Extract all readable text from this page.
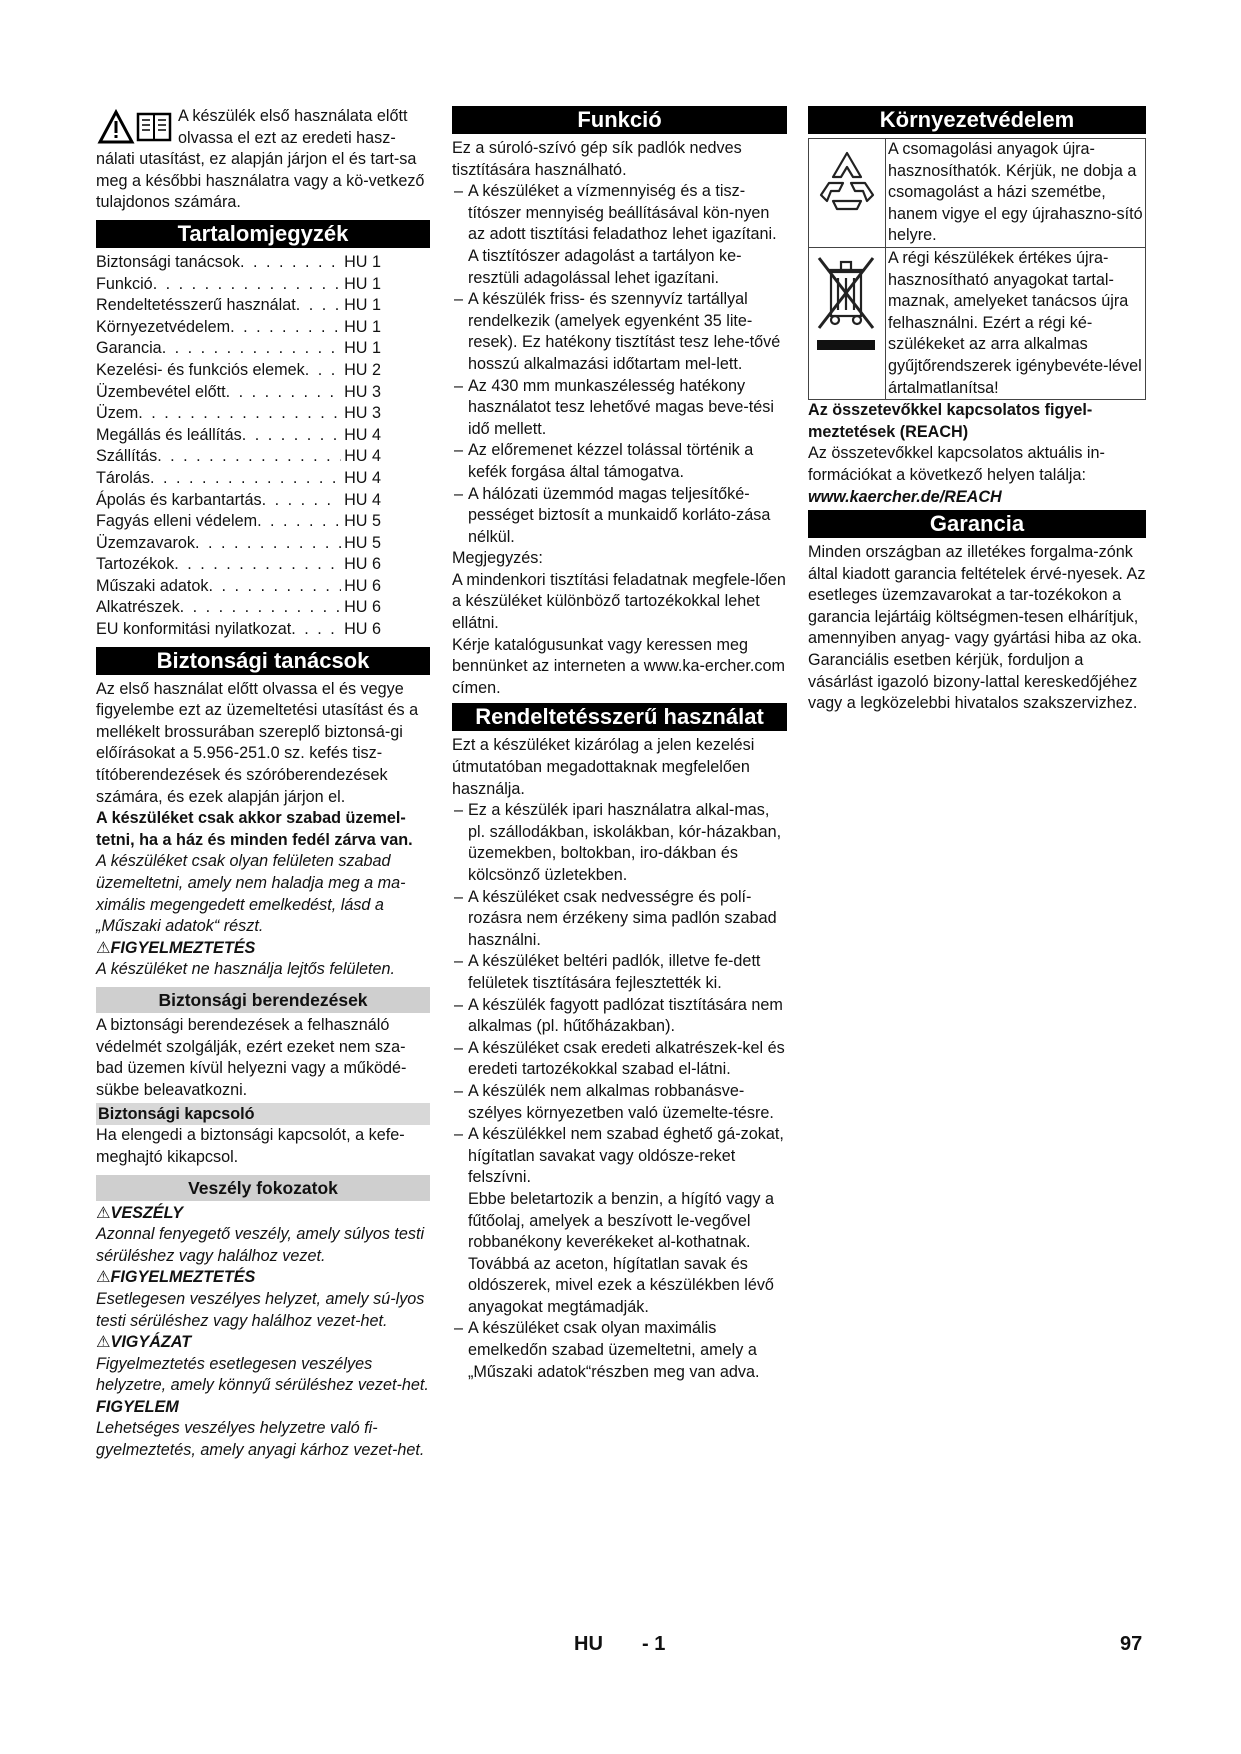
A készülék első használata előtt

olvassa el ezt az eredeti hasz-

nálati utasítást, ez alapján járjon el és tart-sa meg a későbbi használatra vagy a kö-vetkező tulajdonos számára.

Tartalomjegyzék
Biztonsági tanácsok . . .	HU 1
Funkció . . .	HU 1
Rendeltetésszerű használat . . .	HU 1
Környezetvédelem . . .	HU 1
Garancia . . .	HU 1
Kezelési- és funkciós elemek . . . HU 2
Üzembevétel előtt . . .	HU 3
Üzem . . .	HU 3
Megállás és leállítás . . .	HU 4
Szállítás . . .	HU 4
Tárolás . . .	HU 4
Ápolás és karbantartás . . .	HU 4
Fagyás elleni védelem . . .	HU 5
Üzemzavarok . . .	HU 5
Tartozékok . . .	HU 6
Műszaki adatok . . .	HU 6
Alkatrészek . . .	HU 6
EU konformitási nyilatkozat . . .	HU 6
Biztonsági tanácsok

Az első használat előtt olvassa el és vegye figyelembe ezt az üzemeltetési utasítást és a mellékelt brossurában szereplő biztonsá-gi előírásokat a 5.956-251.0 sz. kefés tisz-títóberendezések és szóróberendezések számára, és ezek alapján járjon el.

A készüléket csak akkor szabad üzemel-tetni, ha a ház és minden fedél zárva van.

A készüléket csak olyan felületen szabad üzemeltetni, amely nem haladja meg a ma-ximális megengedett emelkedést, lásd a „Műszaki adatok“ részt.

⚠FIGYELMEZTETÉS

A készüléket ne használja lejtős felületen.

Biztonsági berendezések

A biztonsági berendezések a felhasználó védelmét szolgálják, ezért ezeket nem sza-bad üzemen kívül helyezni vagy a működé-sükbe beleavatkozni.

Biztonsági kapcsoló

Ha elengedi a biztonsági kapcsolót, a kefe-meghajtó kikapcsol.

Veszély fokozatok

⚠VESZÉLY

Azonnal fenyegető veszély, amely súlyos testi sérüléshez vagy halálhoz vezet.

⚠FIGYELMEZTETÉS

Esetlegesen veszélyes helyzet, amely sú-lyos testi sérüléshez vagy halálhoz vezet-het.

⚠VIGYÁZAT

Figyelmeztetés esetlegesen veszélyes helyzetre, amely könnyű sérüléshez vezet-het.

FIGYELEM

Lehetséges veszélyes helyzetre való fi-gyelmeztetés, amely anyagi kárhoz vezet-het.

Funkció

Ez a súroló-szívó gép sík padlók nedves tisztítására használható.

– A készüléket a vízmennyiség és a tisz-títószer mennyiség beállításával kön-nyen az adott tisztítási feladathoz lehet igazítani.
A tisztítószer adagolást a tartályon ke-resztüli adagolással lehet igazítani.
– A készülék friss- és szennyvíz tartállyal rendelkezik (amelyek egyenként 35 lite-resek). Ez hatékony tisztítást tesz lehe-tővé hosszú alkalmazási időtartam mel-lett.
– Az 430 mm munkaszélesség hatékony használatot tesz lehetővé magas beve-tési idő mellett.
– Az előremenet kézzel tolással történik a kefék forgása által támogatva.
– A hálózati üzemmód magas teljesítőké-pességet biztosít a munkaidő korláto-zása nélkül.

Megjegyzés:

A mindenkori tisztítási feladatnak megfele-lően a készüléket különböző tartozékokkal lehet ellátni.

Kérje katalógusunkat vagy keressen meg bennünket az interneten a www.ka-ercher.com címen.

Rendeltetésszerű használat

Ezt a készüléket kizárólag a jelen kezelési útmutatóban megadottaknak megfelelően használja.

– Ez a készülék ipari használatra alkal-mas, pl. szállodákban, iskolákban, kór-házakban, üzemekben, boltokban, iro-dákban és kölcsönző üzletekben.
– A készüléket csak nedvességre és polí-rozásra nem érzékeny sima padlón szabad használni.
– A készüléket beltéri padlók, illetve fe-dett felületek tisztítására fejlesztették ki.
– A készülék fagyott padlózat tisztítására nem alkalmas (pl. hűtőházakban).
– A készüléket csak eredeti alkatrészek-kel és eredeti tartozékokkal szabad el-látni.
– A készülék nem alkalmas robbanásve-szélyes környezetben való üzemelte-tésre.
– A készülékkel nem szabad éghető gá-zokat, hígítatlan savakat vagy oldósze-reket felszívni.
Ebbe beletartozik a benzin, a hígító vagy a fűtőolaj, amelyek a beszívott le-vegővel robbanékony keverékeket al-kothatnak. Továbbá az aceton, hígítatlan savak és oldószerek, mivel ezek a készülékben lévő anyagokat megtámadják.
– A készüléket csak olyan maximális emelkedőn szabad üzemeltetni, amely a „Műszaki adatok“részben meg van adva.
Környezetvédelem
A csomagolási anyagok újra-hasznosíthatók. Kérjük, ne dobja a csomagolást a házi szemétbe, hanem vigye el egy újrahaszno-sító helyre.
A régi készülékek értékes újra-hasznosítható anyagokat tartal-maznak, amelyeket tanácsos újra felhasználni. Ezért a régi ké-szülékeket az arra alkalmas gyűjtőrendszerek igénybevéte-lével ártalmatlanítsa!

Az összetevőkkel kapcsolatos figyel-meztetések (REACH)

Az összetevőkkel kapcsolatos aktuális in-formációkat a következő helyen találja:

www.kaercher.de/REACH

Garancia

Minden országban az illetékes forgalma-zónk által kiadott garancia feltételek érvé-nyesek. Az esetleges üzemzavarokat a tar-tozékokon a garancia lejártáig költségmen-tesen elhárítjuk, amennyiben anyag- vagy gyártási hiba az oka. Garanciális esetben kérjük, forduljon a vásárlást igazoló bizony-lattal kereskedőjéhez vagy a legközelebbi hivatalos szakszervizhez.

HU - 1	97
